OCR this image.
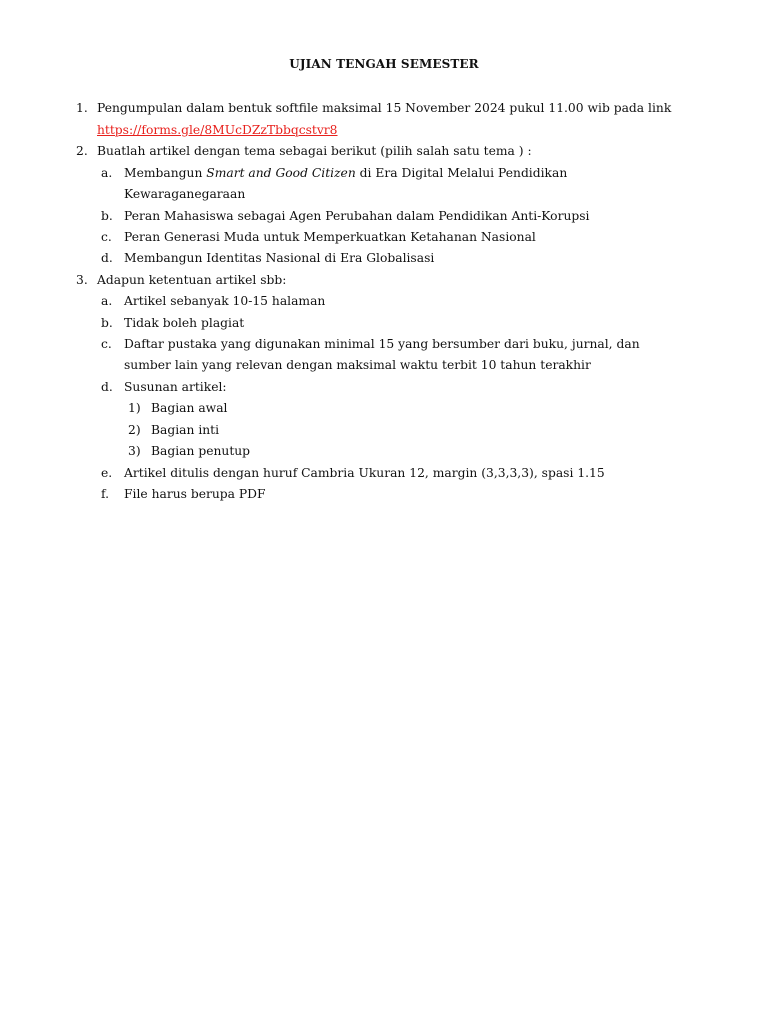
UJIAN TENGAH SEMESTER
1. Pengumpulan dalam bentuk softfile maksimal 15 November 2024 pukul 11.00 wib pada link
https://forms.gle/8MUcDZzTbbqcstvr8
2. Buatlah artikel dengan tema sebagai berikut (pilih salah satu tema ) :
a. Membangun Smart and Good Citizen di Era Digital Melalui Pendidikan
Kewaraganegaraan
b. Peran Mahasiswa sebagai Agen Perubahan dalam Pendidikan Anti-Korupsi
c. Peran Generasi Muda untuk Memperkuatkan Ketahanan Nasional
d. Membangun Identitas Nasional di Era Globalisasi
3. Adapun ketentuan artikel sbb:
a. Artikel sebanyak 10-15 halaman
b. Tidak boleh plagiat
c. Daftar pustaka yang digunakan minimal 15 yang bersumber dari buku, jurnal, dan
sumber lain yang relevan dengan maksimal waktu terbit 10 tahun terakhir
d. Susunan artikel:
1) Bagian awal
2) Bagian inti
3) Bagian penutup
e. Artikel ditulis dengan huruf Cambria Ukuran 12, margin (3,3,3,3), spasi 1.15
f. File harus berupa PDF
